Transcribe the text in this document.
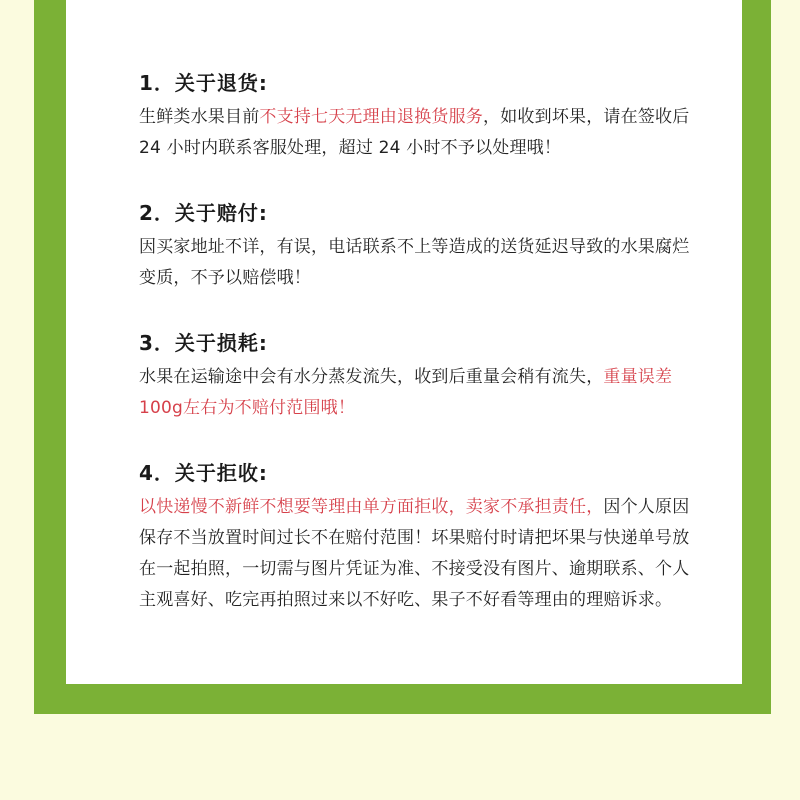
1．关于退货:
生鲜类水果目前不支持七天无理由退换货服务，如收到坏果，请在签收后 24 小时内联系客服处理，超过 24 小时不予以处理哦！
2．关于赔付:
因买家地址不详，有误，电话联系不上等造成的送货延迟导致的水果腐烂变质，不予以赔偿哦！
3．关于损耗:
水果在运输途中会有水分蒸发流失，收到后重量会稍有流失，重量误差100g左右为不赔付范围哦！
4．关于拒收:
以快递慢不新鲜不想要等理由单方面拒收，卖家不承担责任，因个人原因保存不当放置时间过长不在赔付范围！坏果赔付时请把坏果与快递单号放在一起拍照，一切需与图片凭证为准、不接受没有图片、逾期联系、个人主观喜好、吃完再拍照过来以不好吃、果子不好看等理由的理赔诉求。
